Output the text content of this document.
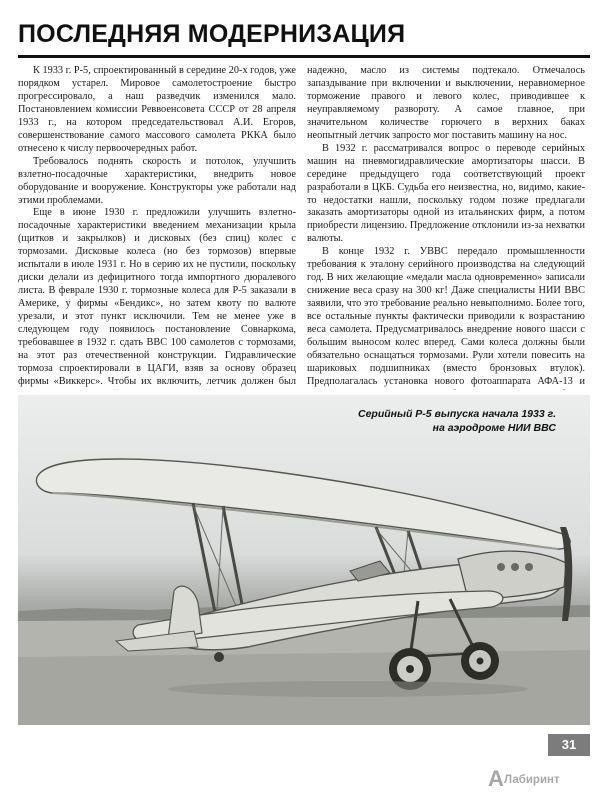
ПОСЛЕДНЯЯ МОДЕРНИЗАЦИЯ

К 1933 г. Р-5, спроектированный в середине 20-х годов, уже порядком устарел. Мировое самолетостроение быстро прогрессировало, а наш разведчик изменился мало. Постановлением комиссии Реввоенсовета СССР от 28 апреля 1933 г., на котором председательствовал А.И. Егоров, совершенствование самого массового самолета РККА было отнесено к числу первоочередных работ.

Требовалось поднять скорость и потолок, улучшить взлетно-посадочные характеристики, внедрить новое оборудование и вооружение. Конструкторы уже работали над этими проблемами.

Еще в июне 1930 г. предложили улучшить взлетно-посадочные характеристики введением механизации крыла (щитков и закрылков) и дисковых (без спиц) колес с тормозами. Дисковые колеса (но без тормозов) впервые испытали в июле 1931 г. Но в серию их не пустили, поскольку диски делали из дефицитного тогда импортного дюралевого листа. В феврале 1930 г. тормозные колеса для Р-5 заказали в Америке, у фирмы «Бендикс», но затем квоту по валюте урезали, и этот пункт исключили. Тем не менее уже в следующем году появилось постановление Совнаркома, требовавшее в 1932 г. сдать ВВС 100 самолетов с тормозами, на этот раз отечественной конструкции. Гидравлические тормоза спроектировали в ЦАГИ, взяв за основу образец фирмы «Виккерс». Чтобы их включить, летчик должен был

надежно, масло из системы подтекало. Отмечалось запаздывание при включении и выключении, неравномерное торможение правого и левого колес, приводившее к неуправляемому развороту. А самое главное, при значительном количестве горючего в верхних баках неопытный летчик запросто мог поставить машину на нос.

В 1932 г. рассматривался вопрос о переводе серийных машин на пневмогидравлические амортизаторы шасси. В середине предыдущего года соответствующий проект разработали в ЦКБ. Судьба его неизвестна, но, видимо, какие-то недостатки нашли, поскольку годом позже предлагали заказать амортизаторы одной из итальянских фирм, а потом приобрести лицензию. Предложение отклонили из-за нехватки валюты.

В конце 1932 г. УВВС передало промышленности требования к эталону серийного производства на следующий год. В них желающие «медали масла одновременно» записали снижение веса сразу на 300 кг! Даже специалисты НИИ ВВС заявили, что это требование реально невыполнимо. Более того, все остальные пункты фактически приводили к возрастанию веса самолета. Предусматривалось внедрение нового шасси с большим выносом колес вперед. Сами колеса должны были обязательно оснащаться тормозами. Рули хотели повесить на шариковых подшипниках (вместо бронзовых втулок). Предполагалась установка нового фотоаппарата АФА-13 и

Серийный Р-5 выпуска начала 1933 г.
на аэродроме НИИ ВВС
31
А Лабиринт
